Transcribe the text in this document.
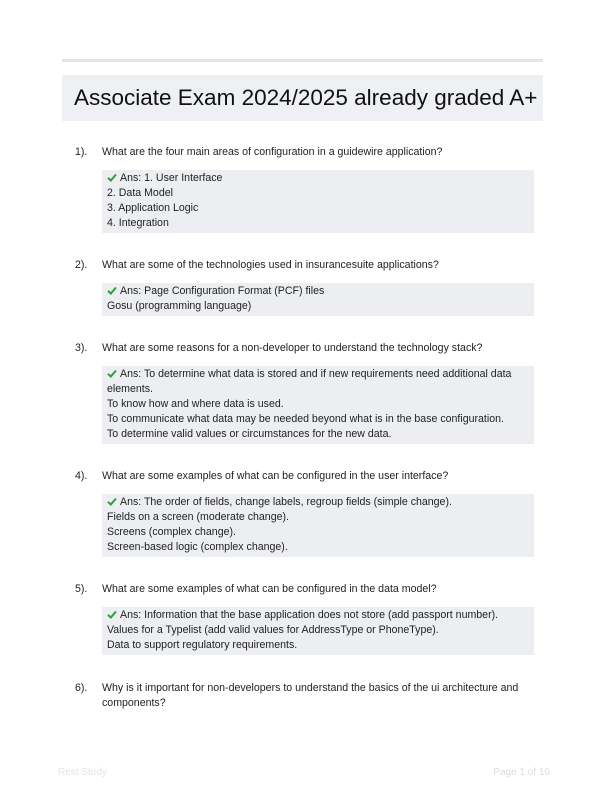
Associate Exam 2024/2025 already graded A+
1).	What are the four main areas of configuration in a guidewire application?
Ans: 1. User Interface
2. Data Model
3. Application Logic
4. Integration
2).	What are some of the technologies used in insurancesuite applications?
Ans: Page Configuration Format (PCF) files
Gosu (programming language)
3).	What are some reasons for a non-developer to understand the technology stack?
Ans: To determine what data is stored and if new requirements need additional data
elements.
To know how and where data is used.
To communicate what data may be needed beyond what is in the base configuration.
To determine valid values or circumstances for the new data.
4).	What are some examples of what can be configured in the user interface?
Ans: The order of fields, change labels, regroup fields (simple change).
Fields on a screen (moderate change).
Screens (complex change).
Screen-based logic (complex change).
5).	What are some examples of what can be configured in the data model?
Ans: Information that the base application does not store (add passport number).
Values for a Typelist (add valid values for AddressType or PhoneType).
Data to support regulatory requirements.
6).	Why is it important for non-developers to understand the basics of the ui architecture and components?
Rest Study	Page 1 of 10
